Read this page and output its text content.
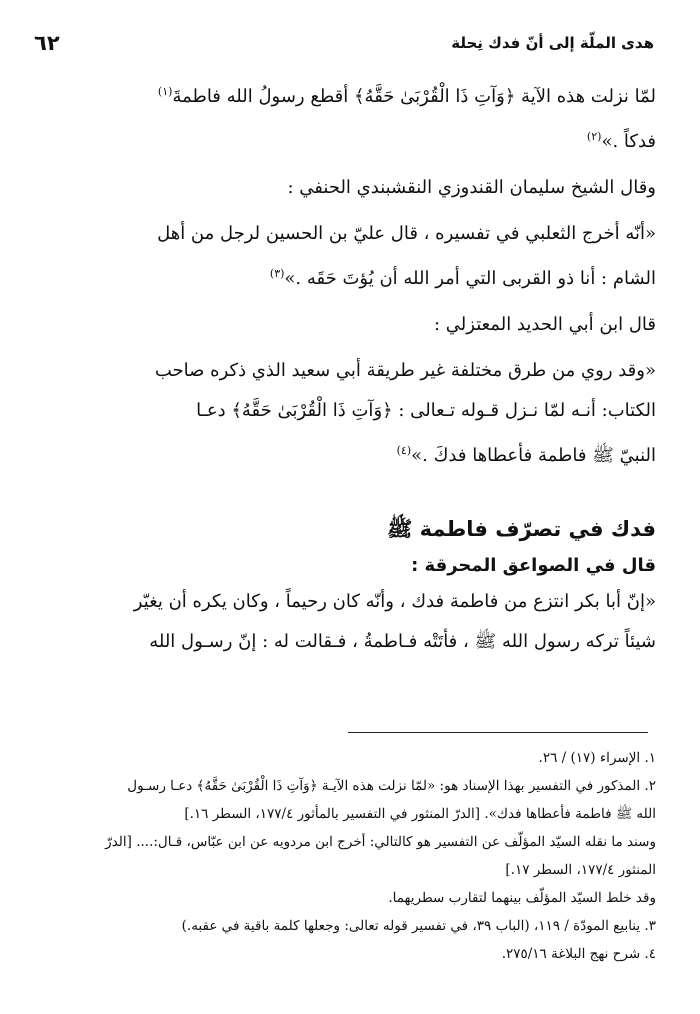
٦٢	هدى الملّة إلى أنّ فدك نِحلة

لمّا نزلت هذه الآية ﴿وَآتِ ذَا الْقُرْبَىٰ حَقَّهُ﴾ أقطع رسولُ الله فاطمةَ$^{(١)}$
فدكاً .»$^{(٢)}$

وقال الشيخ سليمان القندوزي النقشبندي الحنفي :

«أنّه أخرج الثعلبي في تفسيره ، قال عليّ بن الحسين لرجل من أهل
الشام : أنا ذو القربى التي أمر الله أن يُؤتَ حَقَه .»$^{(٣)}$

قال ابن أبي الحديد المعتزلي :

«وقد روي من طرق مختلفة غير طريقة أبي سعيد الذي ذكره صاحب
الكتاب: أنـه لمّا نـزل قـوله تـعالى : ﴿وَآتِ ذَا الْقُرْبَىٰ حَقَّهُ﴾ دعـا
النبيّ ﷺ فاطمة فأعطاها فدكَ .»$^{(٤)}$

فدك في تصرّف فاطمة ﷺ

قال في الصواعق المحرقة :

«إنّ أبا بكر انتزع من فاطمة فدك ، وأنّه كان رحيماً ، وكان يكره أن يغيّر
شيئاً تركه رسول الله ﷺ ، فأتَتْه فـاطمةُ ، فـقالت له : إنّ رسـول الله

١. الإسراء (١٧) / ٢٦.

٢. المذكور في التفسير بهذا الإسناد هو: «لمّا نزلت هذه الآيـة ﴿وَآتِ ذَا الْقُرْبَىٰ حَقَّهُ﴾ دعـا رسـول

الله ﷺ فاطمة فأعطاها فدك». [الدرّ المنثور في التفسير بالمأثور ١٧٧/٤، السطر ١٦.]

وسند ما نقله السيّد المؤلّف عن التفسير هو كالتالي: أخرج ابن مردويه عن ابن عبّاس، قـال:.... [الدرّ

المنثور ١٧٧/٤، السطر ١٧.]

وقد خلط السيّد المؤلّف بينهما لتقارب سطريهما.

٣. ينابيع المودّة / ١١٩، (الباب ٣٩، في تفسير قوله تعالى: وجعلها كلمة باقية في عقبه.)

٤. شرح نهج البلاغة ٢٧٥/١٦.
